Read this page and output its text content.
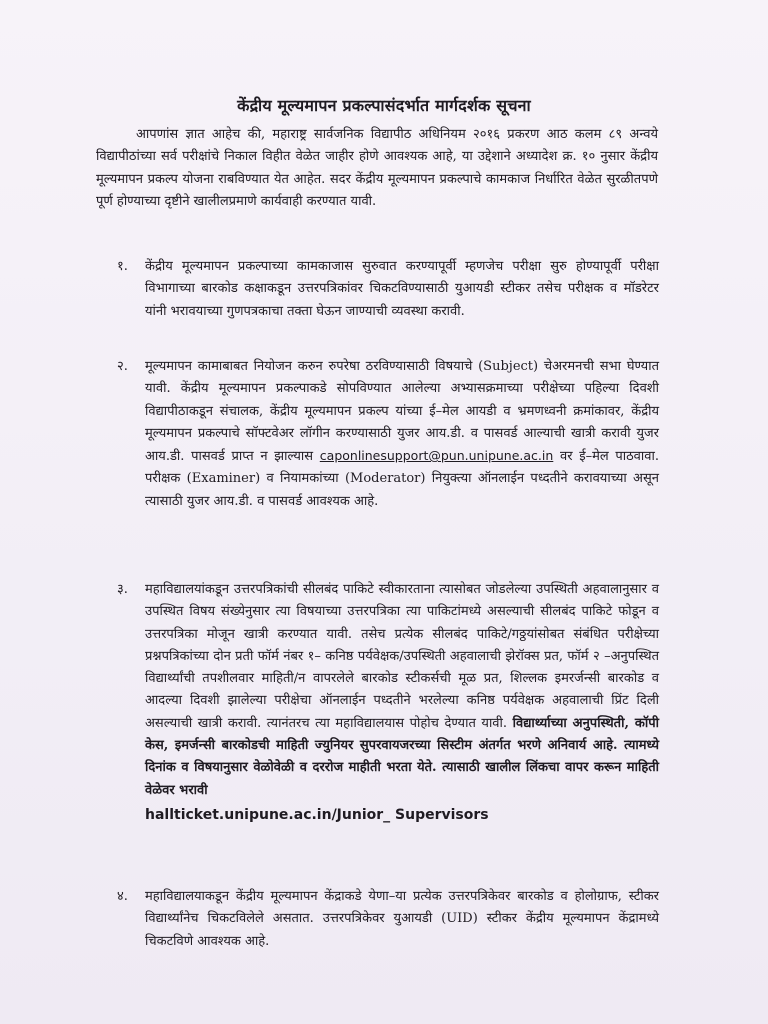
केंद्रीय मूल्यमापन प्रकल्पासंदर्भात मार्गदर्शक सूचना
आपणांस ज्ञात आहेच की, महाराष्ट्र सार्वजनिक विद्यापीठ अधिनियम २०१६ प्रकरण आठ कलम ८९ अन्वये विद्यापीठांच्या सर्व परीक्षांचे निकाल विहीत वेळेत जाहीर होणे आवश्यक आहे, या उद्देशाने अध्यादेश क्र. १० नुसार केंद्रीय मूल्यमापन प्रकल्प योजना राबविण्यात येत आहेत. सदर केंद्रीय मूल्यमापन प्रकल्पाचे कामकाज निर्धारित वेळेत सुरळीतपणे पूर्ण होण्याच्या दृष्टीने खालीलप्रमाणे कार्यवाही करण्यात यावी.
१.	केंद्रीय मूल्यमापन प्रकल्पाच्या कामकाजास सुरुवात करण्यापूर्वी म्हणजेच परीक्षा सुरु होण्यापूर्वी परीक्षा विभागाच्या बारकोड कक्षाकडून उत्तरपत्रिकांवर चिकटविण्यासाठी युआयडी स्टीकर तसेच परीक्षक व मॉडरेटर यांनी भरावयाच्या गुणपत्रकाचा तक्ता घेऊन जाण्याची व्यवस्था करावी.
२.	मूल्यमापन कामाबाबत नियोजन करुन रुपरेषा ठरविण्यासाठी विषयाचे (Subject) चेअरमनची सभा घेण्यात यावी. केंद्रीय मूल्यमापन प्रकल्पाकडे सोपविण्यात आलेल्या अभ्यासक्रमाच्या परीक्षेच्या पहिल्या दिवशी विद्यापीठाकडून संचालक, केंद्रीय मूल्यमापन प्रकल्प यांच्या ई–मेल आयडी व भ्रमणध्वनी क्रमांकावर, केंद्रीय मूल्यमापन प्रकल्पाचे सॉफ्टवेअर लॉगीन करण्यासाठी युजर आय.डी. व पासवर्ड आल्याची खात्री करावी युजर आय.डी. पासवर्ड प्राप्त न झाल्यास caponlinesupport@pun.unipune.ac.in वर ई–मेल पाठवावा. परीक्षक (Examiner) व नियामकांच्या (Moderator) नियुक्त्या ऑनलाईन पध्दतीने करावयाच्या असून त्यासाठी युजर आय.डी. व पासवर्ड आवश्यक आहे.
३.	महाविद्यालयांकडून उत्तरपत्रिकांची सीलबंद पाकिटे स्वीकारताना त्यासोबत जोडलेल्या उपस्थिती अहवालानुसार व उपस्थित विषय संख्येनुसार त्या विषयाच्या उत्तरपत्रिका त्या पाकिटांमध्ये असल्याची सीलबंद पाकिटे फोडून व उत्तरपत्रिका मोजून खात्री करण्यात यावी. तसेच प्रत्येक सीलबंद पाकिटे/गठ्ठयांसोबत संबंधित परीक्षेच्या प्रश्नपत्रिकांच्या दोन प्रती फॉर्म नंबर १– कनिष्ठ पर्यवेक्षक/उपस्थिती अहवालाची झेरॉक्स प्रत, फॉर्म २ –अनुपस्थित विद्यार्थ्यांची तपशीलवार माहिती/न वापरलेले बारकोड स्टीकर्सची मूळ प्रत, शिल्लक इमरर्जन्सी बारकोड व आदल्या दिवशी झालेल्या परीक्षेचा ऑनलाईन पध्दतीने भरलेल्या कनिष्ठ पर्यवेक्षक अहवालाची प्रिंट दिली असल्याची खात्री करावी. त्यानंतरच त्या महाविद्यालयास पोहोच देण्यात यावी. विद्यार्थ्याच्या अनुपस्थिती, कॉपी केस, इमर्जन्सी बारकोडची माहिती ज्युनियर सुपरवायजरच्या सिस्टीम अंतर्गत भरणे अनिवार्य आहे. त्यामध्ये दिनांक व विषयानुसार वेळोवेळी व दररोज माहीती भरता येते. त्यासाठी खालील लिंकचा वापर करून माहिती वेळेवर भरावी
hallticket.unipune.ac.in/Junior_ Supervisors
४.	महाविद्यालयाकडून केंद्रीय मूल्यमापन केंद्राकडे येणा–या प्रत्येक उत्तरपत्रिकेवर बारकोड व होलोग्राफ, स्टीकर विद्यार्थ्यांनेच चिकटविलेले असतात. उत्तरपत्रिकेवर युआयडी (UID) स्टीकर केंद्रीय मूल्यमापन केंद्रामध्ये चिकटविणे आवश्यक आहे.
